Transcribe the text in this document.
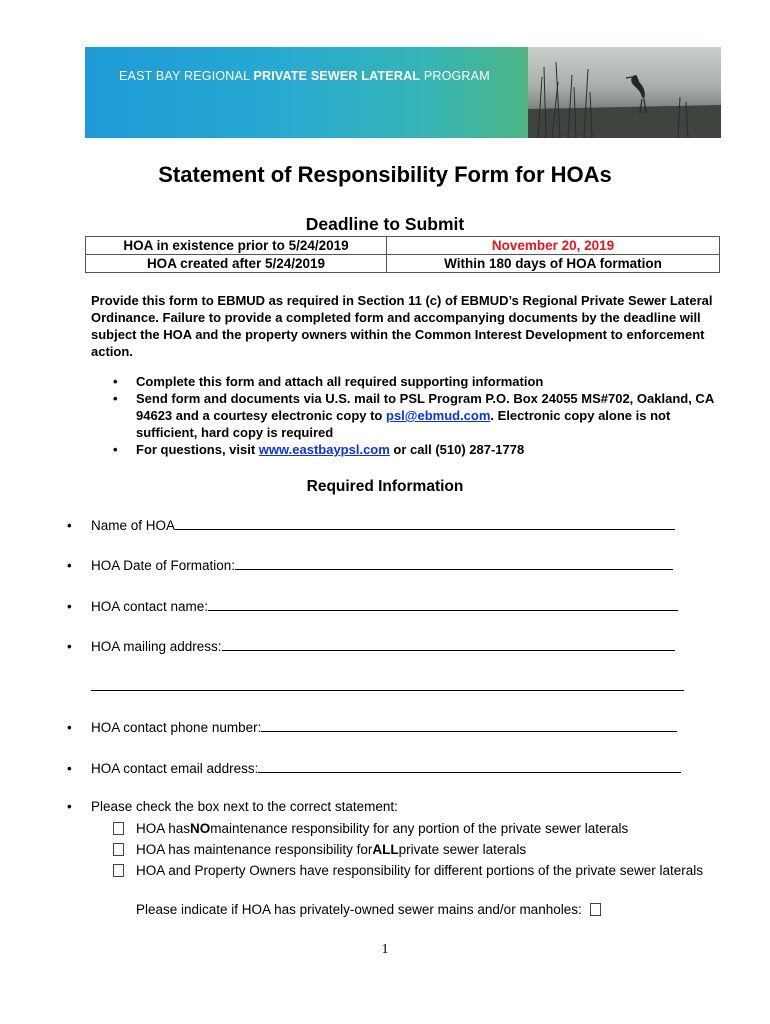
EAST BAY REGIONAL PRIVATE SEWER LATERAL PROGRAM
Statement of Responsibility Form for HOAs
Deadline to Submit
HOA in existence prior to 5/24/2019	November 20, 2019
HOA created after 5/24/2019	Within 180 days of HOA formation
Provide this form to EBMUD as required in Section 11 (c) of EBMUD’s Regional Private Sewer Lateral Ordinance. Failure to provide a completed form and accompanying documents by the deadline will subject the HOA and the property owners within the Common Interest Development to enforcement action.
• Complete this form and attach all required supporting information
• Send form and documents via U.S. mail to PSL Program P.O. Box 24055 MS#702, Oakland, CA 94623 and a courtesy electronic copy to psl@ebmud.com. Electronic copy alone is not sufficient, hard copy is required
• For questions, visit www.eastbaypsl.com or call (510) 287-1778
Required Information
•	Name of HOA
•	HOA Date of Formation:
•	HOA contact name:
•	HOA mailing address:
•	HOA contact phone number:
•	HOA contact email address:
• Please check the box next to the correct statement:
HOA has NO maintenance responsibility for any portion of the private sewer laterals
HOA has maintenance responsibility for ALL private sewer laterals
HOA and Property Owners have responsibility for different portions of the private sewer laterals
Please indicate if HOA has privately-owned sewer mains and/or manholes:
1
